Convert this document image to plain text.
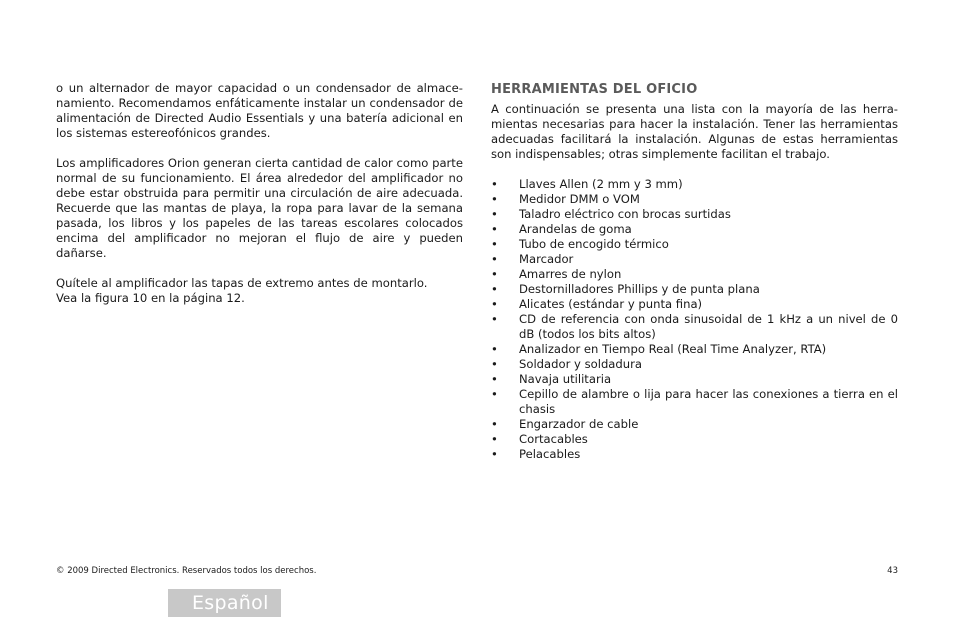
o un alternador de mayor capacidad o un condensador de almace-namiento. Recomendamos enfáticamente instalar un condensador de alimentación de Directed Audio Essentials y una batería adicional en los sistemas estereofónicos grandes.

Los amplificadores Orion generan cierta cantidad de calor como parte normal de su funcionamiento. El área alrededor del amplificador no debe estar obstruida para permitir una circulación de aire adecuada. Recuerde que las mantas de playa, la ropa para lavar de la semana pasada, los libros y los papeles de las tareas escolares colocados encima del amplificador no mejoran el flujo de aire y pueden dañarse.

Quítele al amplificador las tapas de extremo antes de montarlo.
Vea la figura 10 en la página 12.
HERRAMIENTAS DEL OFICIO

A continuación se presenta una lista con la mayoría de las herra-mientas necesarias para hacer la instalación. Tener las herramientas adecuadas facilitará la instalación. Algunas de estas herramientas son indispensables; otras simplemente facilitan el trabajo.

• Llaves Allen (2 mm y 3 mm)
• Medidor DMM o VOM
• Taladro eléctrico con brocas surtidas
• Arandelas de goma
• Tubo de encogido térmico
• Marcador
• Amarres de nylon
• Destornilladores Phillips y de punta plana
• Alicates (estándar y punta fina)
• CD de referencia con onda sinusoidal de 1 kHz a un nivel de 0 dB (todos los bits altos)
• Analizador en Tiempo Real (Real Time Analyzer, RTA)
• Soldador y soldadura
• Navaja utilitaria
• Cepillo de alambre o lija para hacer las conexiones a tierra en el chasis
• Engarzador de cable
• Cortacables
• Pelacables
© 2009 Directed Electronics. Reservados todos los derechos.	43
Español
